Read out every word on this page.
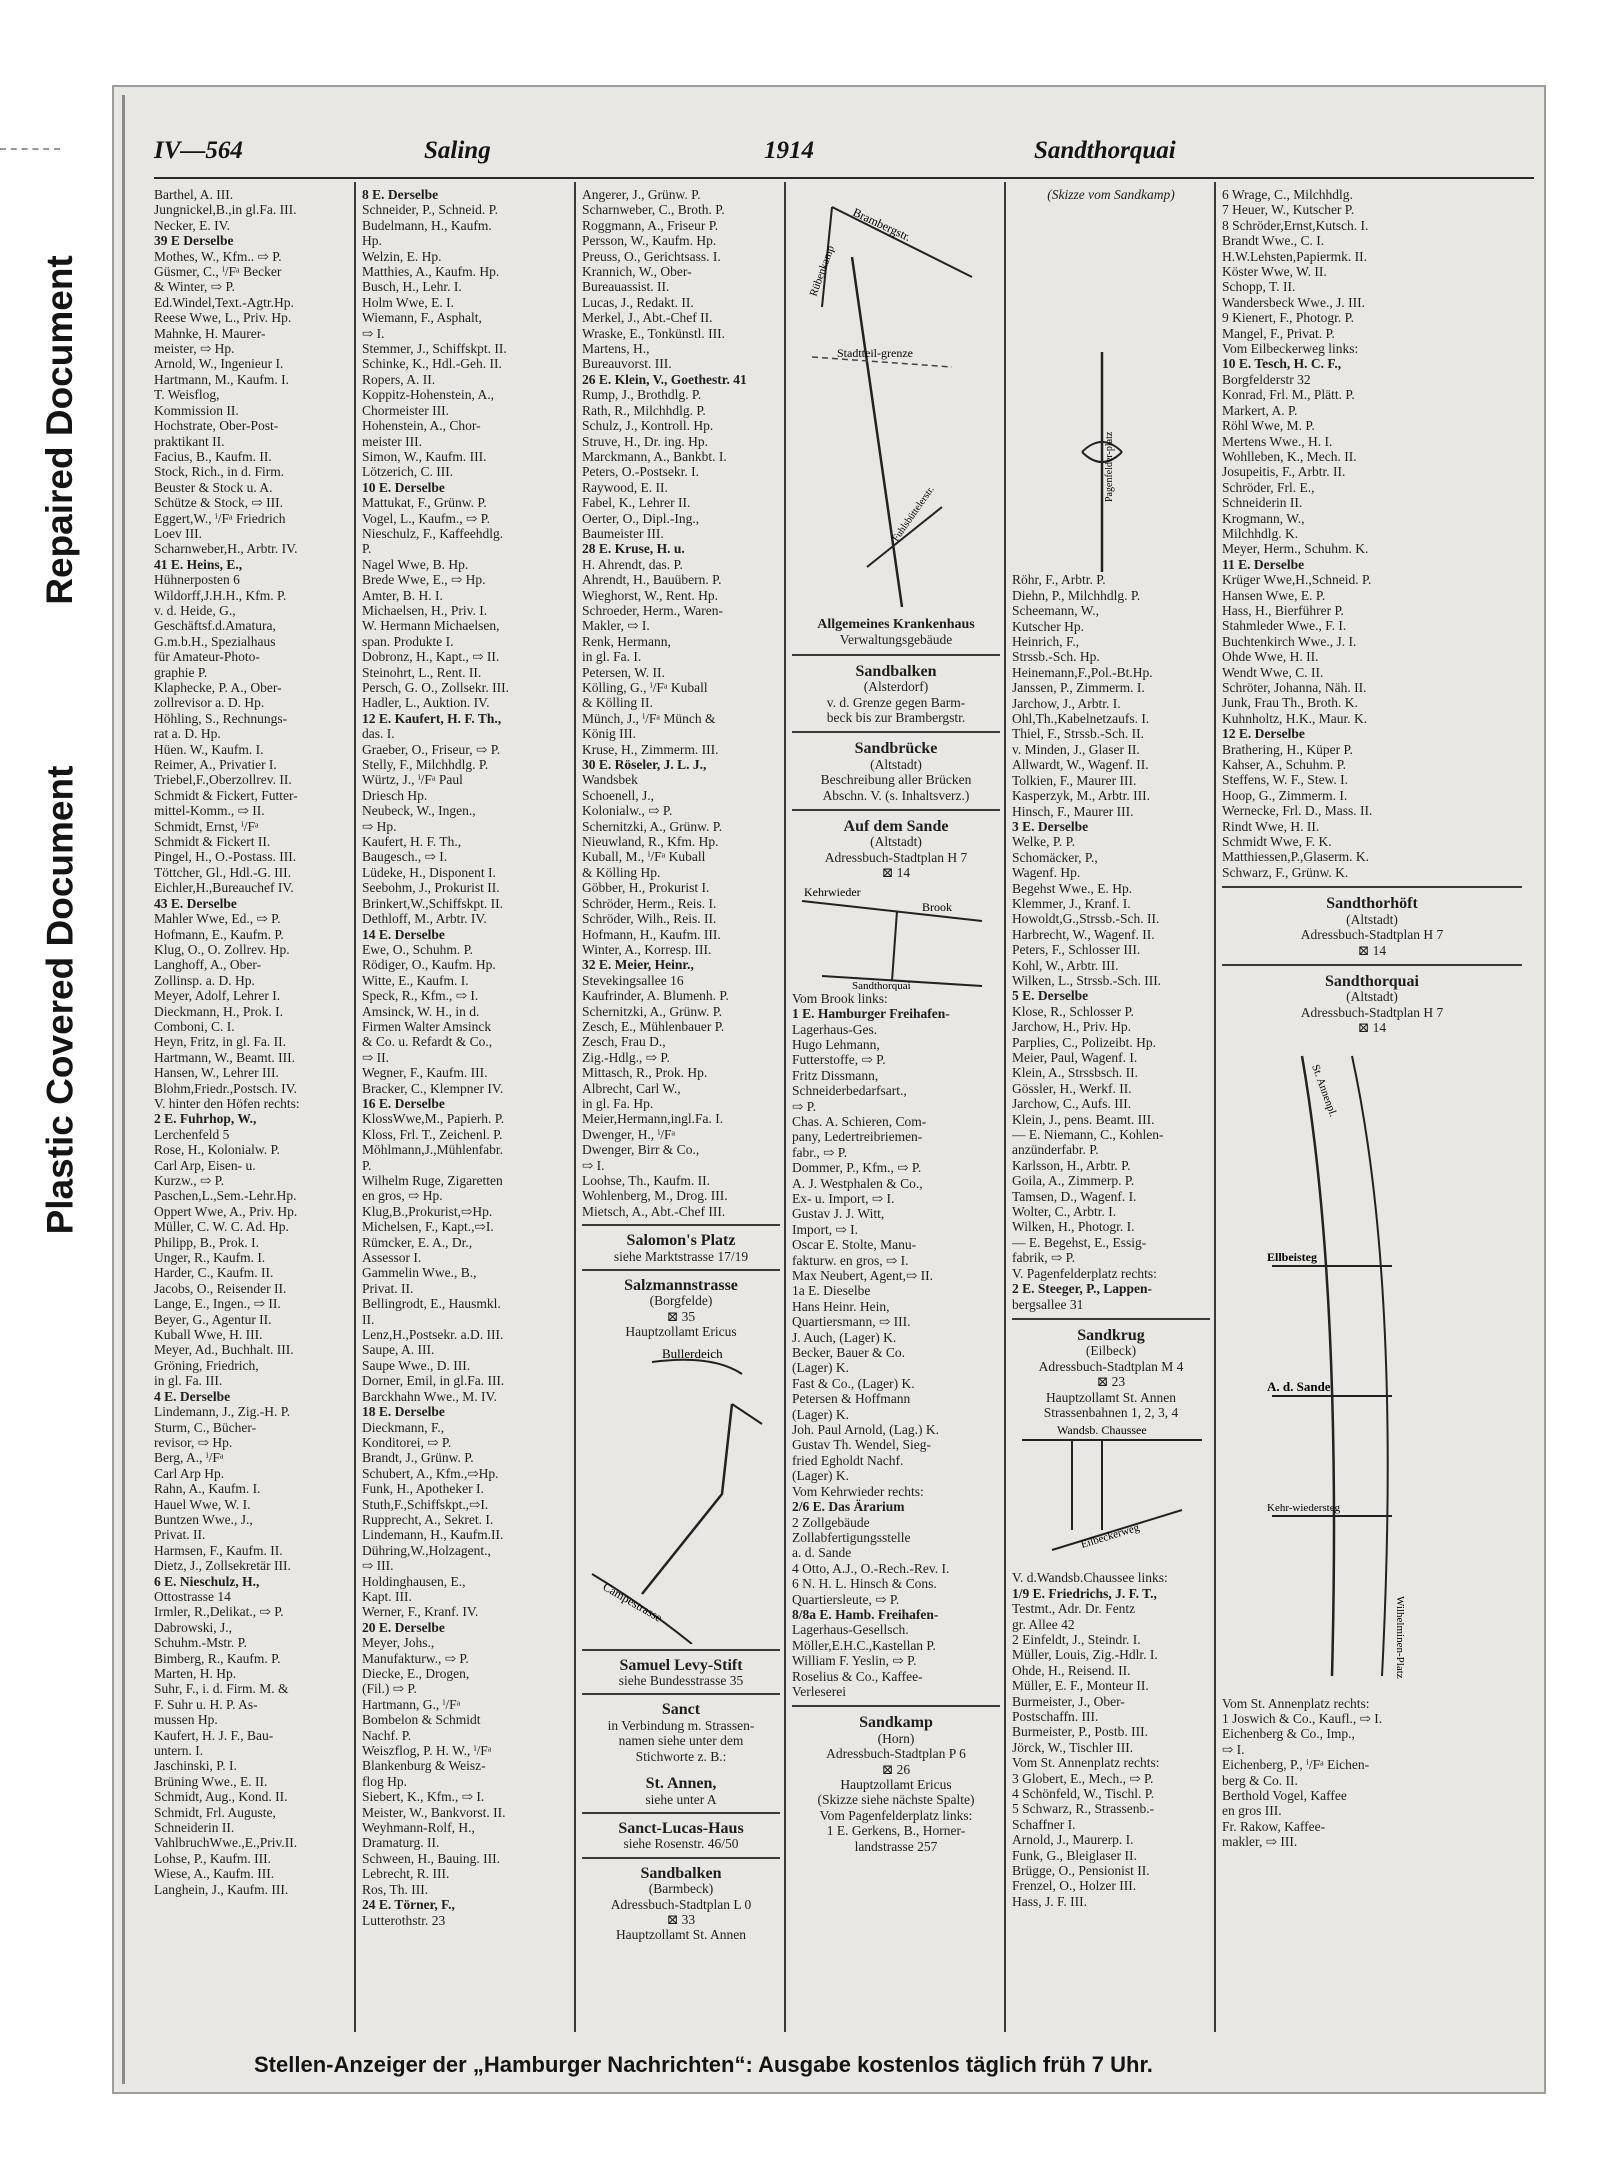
Repaired Document
Plastic Covered Document
IV—564	Saling	1914	Sandthorquai
Barthel, A. III.
Jungnickel,B.,in gl.Fa. III.
Necker, E. IV.
39 E Derselbe
Mothes, W., Kfm.. ⇨ P.
Güsmer, C., ⁱ/Fᵃ Becker
& Winter, ⇨ P.
Ed.Windel,Text.-Agtr.Hp.
Reese Wwe, L., Priv. Hp.
Mahnke, H. Maurer-
meister, ⇨ Hp.
Arnold, W., Ingenieur I.
Hartmann, M., Kaufm. I.
T. Weisflog,
Kommission II.
Hochstrate, Ober-Post-
praktikant II.
Facius, B., Kaufm. II.
Stock, Rich., in d. Firm.
Beuster & Stock u. A.
Schütze & Stock, ⇨ III.
Eggert,W., ⁱ/Fᵃ Friedrich
Loev III.
Scharnweber,H., Arbtr. IV.
41 E. Heins, E.,
Hühnerposten 6
Wildorff,J.H.H., Kfm. P.
v. d. Heide, G.,
Geschäftsf.d.Amatura,
G.m.b.H., Spezialhaus
für Amateur-Photo-
graphie P.
Klaphecke, P. A., Ober-
zollrevisor a. D. Hp.
Höhling, S., Rechnungs-
rat a. D. Hp.
Hüen. W., Kaufm. I.
Reimer, A., Privatier I.
Triebel,F.,Oberzollrev. II.
Schmidt & Fickert, Futter-
mittel-Komm., ⇨ II.
Schmidt, Ernst, ⁱ/Fᵃ
Schmidt & Fickert II.
Pingel, H., O.-Postass. III.
Töttcher, Gl., Hdl.-G. III.
Eichler,H.,Bureauchef IV.
43 E. Derselbe
Mahler Wwe, Ed., ⇨ P.
Hofmann, E., Kaufm. P.
Klug, O., O. Zollrev. Hp.
Langhoff, A., Ober-
Zollinsp. a. D. Hp.
Meyer, Adolf, Lehrer I.
Dieckmann, H., Prok. I.
Comboni, C. I.
Heyn, Fritz, in gl. Fa. II.
Hartmann, W., Beamt. III.
Hansen, W., Lehrer III.
Blohm,Friedr.,Postsch. IV.
V. hinter den Höfen rechts:
2 E. Fuhrhop, W.,
Lerchenfeld 5
Rose, H., Kolonialw. P.
Carl Arp, Eisen- u.
Kurzw., ⇨ P.
Paschen,L.,Sem.-Lehr.Hp.
Oppert Wwe, A., Priv. Hp.
Müller, C. W. C. Ad. Hp.
Philipp, B., Prok. I.
Unger, R., Kaufm. I.
Harder, C., Kaufm. II.
Jacobs, O., Reisender II.
Lange, E., Ingen., ⇨ II.
Beyer, G., Agentur II.
Kuball Wwe, H. III.
Meyer, Ad., Buchhalt. III.
Gröning, Friedrich,
in gl. Fa. III.
4 E. Derselbe
Lindemann, J., Zig.-H. P.
Sturm, C., Bücher-
revisor, ⇨ Hp.
Berg, A., ⁱ/Fᵃ
Carl Arp Hp.
Rahn, A., Kaufm. I.
Hauel Wwe, W. I.
Buntzen Wwe., J.,
Privat. II.
Harmsen, F., Kaufm. II.
Dietz, J., Zollsekretär III.
6 E. Nieschulz, H.,
Ottostrasse 14
Irmler, R.,Delikat., ⇨ P.
Dabrowski, J.,
Schuhm.-Mstr. P.
Bimberg, R., Kaufm. P.
Marten, H. Hp.
Suhr, F., i. d. Firm. M. &
F. Suhr u. H. P. As-
mussen Hp.
Kaufert, H. J. F., Bau-
untern. I.
Jaschinski, P. I.
Brüning Wwe., E. II.
Schmidt, Aug., Kond. II.
Schmidt, Frl. Auguste,
Schneiderin II.
VahlbruchWwe.,E.,Priv.II.
Lohse, P., Kaufm. III.
Wiese, A., Kaufm. III.
Langhein, J., Kaufm. III.
8 E. Derselbe
Schneider, P., Schneid. P.
Budelmann, H., Kaufm.
Hp.
Welzin, E. Hp.
Matthies, A., Kaufm. Hp.
Busch, H., Lehr. I.
Holm Wwe, E. I.
Wiemann, F., Asphalt,
⇨ I.
Stemmer, J., Schiffskpt. II.
Schinke, K., Hdl.-Geh. II.
Ropers, A. II.
Koppitz-Hohenstein, A.,
Chormeister III.
Hohenstein, A., Chor-
meister III.
Simon, W., Kaufm. III.
Lötzerich, C. III.
10 E. Derselbe
Mattukat, F., Grünw. P.
Vogel, L., Kaufm., ⇨ P.
Nieschulz, F., Kaffeehdlg.
P.
Nagel Wwe, B. Hp.
Brede Wwe, E., ⇨ Hp.
Amter, B. H. I.
Michaelsen, H., Priv. I.
W. Hermann Michaelsen,
span. Produkte I.
Dobronz, H., Kapt., ⇨ II.
Steinohrt, L., Rent. II.
Persch, G. O., Zollsekr. III.
Hadler, L., Auktion. IV.
12 E. Kaufert, H. F. Th.,
das. I.
Graeber, O., Friseur, ⇨ P.
Stelly, F., Milchhdlg. P.
Würtz, J., ⁱ/Fᵃ Paul
Driesch Hp.
Neubeck, W., Ingen.,
⇨ Hp.
Kaufert, H. F. Th.,
Baugesch., ⇨ I.
Lüdeke, H., Disponent I.
Seebohm, J., Prokurist II.
Brinkert,W.,Schiffskpt. II.
Dethloff, M., Arbtr. IV.
14 E. Derselbe
Ewe, O., Schuhm. P.
Rödiger, O., Kaufm. Hp.
Witte, E., Kaufm. I.
Speck, R., Kfm., ⇨ I.
Amsinck, W. H., in d.
Firmen Walter Amsinck
& Co. u. Refardt & Co.,
⇨ II.
Wegner, F., Kaufm. III.
Bracker, C., Klempner IV.
16 E. Derselbe
KlossWwe,M., Papierh. P.
Kloss, Frl. T., Zeichenl. P.
Möhlmann,J.,Mühlenfabr.
P.
Wilhelm Ruge, Zigaretten
en gros, ⇨ Hp.
Klug,B.,Prokurist,⇨Hp.
Michelsen, F., Kapt.,⇨I.
Rümcker, E. A., Dr.,
Assessor I.
Gammelin Wwe., B.,
Privat. II.
Bellingrodt, E., Hausmkl.
II.
Lenz,H.,Postsekr. a.D. III.
Saupe, A. III.
Saupe Wwe., D. III.
Dorner, Emil, in gl.Fa. III.
Barckhahn Wwe., M. IV.
18 E. Derselbe
Dieckmann, F.,
Konditorei, ⇨ P.
Brandt, J., Grünw. P.
Schubert, A., Kfm.,⇨Hp.
Funk, H., Apotheker I.
Stuth,F.,Schiffskpt.,⇨I.
Rupprecht, A., Sekret. I.
Lindemann, H., Kaufm.II.
Dühring,W.,Holzagent.,
⇨ III.
Holdinghausen, E.,
Kapt. III.
Werner, F., Kranf. IV.
20 E. Derselbe
Meyer, Johs.,
Manufakturw., ⇨ P.
Diecke, E., Drogen,
(Fil.) ⇨ P.
Hartmann, G., ⁱ/Fᵃ
Bombelon & Schmidt
Nachf. P.
Weiszflog, P. H. W., ⁱ/Fᵃ
Blankenburg & Weisz-
flog Hp.
Siebert, K., Kfm., ⇨ I.
Meister, W., Bankvorst. II.
Weyhmann-Rolf, H.,
Dramaturg. II.
Schween, H., Bauing. III.
Lebrecht, R. III.
Ros, Th. III.
24 E. Törner, F.,
Lutterothstr. 23
Angerer, J., Grünw. P.
Scharnweber, C., Broth. P.
Roggmann, A., Friseur P.
Persson, W., Kaufm. Hp.
Preuss, O., Gerichtsass. I.
Krannich, W., Ober-
Bureauassist. II.
Lucas, J., Redakt. II.
Merkel, J., Abt.-Chef II.
Wraske, E., Tonkünstl. III.
Martens, H.,
Bureauvorst. III.
26 E. Klein, V., Goethestr. 41
Rump, J., Brothdlg. P.
Rath, R., Milchhdlg. P.
Schulz, J., Kontroll. Hp.
Struve, H., Dr. ing. Hp.
Marckmann, A., Bankbt. I.
Peters, O.-Postsekr. I.
Raywood, E. II.
Fabel, K., Lehrer II.
Oerter, O., Dipl.-Ing.,
Baumeister III.
28 E. Kruse, H. u.
H. Ahrendt, das. P.
Ahrendt, H., Bauübern. P.
Wieghorst, W., Rent. Hp.
Schroeder, Herm., Waren-
Makler, ⇨ I.
Renk, Hermann,
in gl. Fa. I.
Petersen, W. II.
Kölling, G., ⁱ/Fᵃ Kuball
& Kölling II.
Münch, J., ⁱ/Fᵃ Münch &
König III.
Kruse, H., Zimmerm. III.
30 E. Röseler, J. L. J.,
Wandsbek
Schoenell, J.,
Kolonialw., ⇨ P.
Schernitzki, A., Grünw. P.
Nieuwland, R., Kfm. Hp.
Kuball, M., ⁱ/Fᵃ Kuball
& Kölling Hp.
Göbber, H., Prokurist I.
Schröder, Herm., Reis. I.
Schröder, Wilh., Reis. II.
Hofmann, H., Kaufm. III.
Winter, A., Korresp. III.
32 E. Meier, Heinr.,
Stevekingsallee 16
Kaufrinder, A. Blumenh. P.
Schernitzki, A., Grünw. P.
Zesch, E., Mühlenbauer P.
Zesch, Frau D.,
Zig.-Hdlg., ⇨ P.
Mittasch, R., Prok. Hp.
Albrecht, Carl W.,
in gl. Fa. Hp.
Meier,Hermann,ingl.Fa. I.
Dwenger, H., ⁱ/Fᵃ
Dwenger, Birr & Co.,
⇨ I.
Loohse, Th., Kaufm. II.
Wohlenberg, M., Drog. III.
Mietsch, A., Abt.-Chef III.
Salomon's Platz
siehe Marktstrasse 17/19
Salzmannstrasse
(Borgfelde)
⊠ 35
Hauptzollamt Ericus
Bullerdeich
Campestrasse
Samuel Levy-Stift
siehe Bundesstrasse 35
Sanct
in Verbindung m. Strassen-
namen siehe unter dem
Stichworte z. B.:
St. Annen,
siehe unter A
Sanct-Lucas-Haus
siehe Rosenstr. 46/50
Sandbalken
(Barmbeck)
Adressbuch-Stadtplan L 0
⊠ 33
Hauptzollamt St. Annen
Brambergstr.
Rübenkamp
Stadtteil-grenze
Fuhlsbüttelerstr.
Allgemeines Krankenhaus
Verwaltungsgebäude
Sandbalken
(Alsterdorf)
v. d. Grenze gegen Barm-
beck bis zur Brambergstr.
Sandbrücke
(Altstadt)
Beschreibung aller Brücken
Abschn. V. (s. Inhaltsverz.)
Auf dem Sande
(Altstadt)
Adressbuch-Stadtplan H 7
⊠ 14
Kehrwieder
Brook
Sandthorquai
Vom Brook links:
1 E. Hamburger Freihafen-
Lagerhaus-Ges.
Hugo Lehmann,
Futterstoffe, ⇨ P.
Fritz Dissmann,
Schneiderbedarfsart.,
⇨ P.
Chas. A. Schieren, Com-
pany, Ledertreibriemen-
fabr., ⇨ P.
Dommer, P., Kfm., ⇨ P.
A. J. Westphalen & Co.,
Ex- u. Import, ⇨ I.
Gustav J. J. Witt,
Import, ⇨ I.
Oscar E. Stolte, Manu-
fakturw. en gros, ⇨ I.
Max Neubert, Agent,⇨ II.
1a E. Dieselbe
Hans Heinr. Hein,
Quartiersmann, ⇨ III.
J. Auch, (Lager) K.
Becker, Bauer & Co.
(Lager) K.
Fast & Co., (Lager) K.
Petersen & Hoffmann
(Lager) K.
Joh. Paul Arnold, (Lag.) K.
Gustav Th. Wendel, Sieg-
fried Egholdt Nachf.
(Lager) K.
Vom Kehrwieder rechts:
2/6 E. Das Ärarium
2 Zollgebäude
Zollabfertigungsstelle
a. d. Sande
4 Otto, A.J., O.-Rech.-Rev. I.
6 N. H. L. Hinsch & Cons.
Quartiersleute, ⇨ P.
8/8a E. Hamb. Freihafen-
Lagerhaus-Gesellsch.
Möller,E.H.C.,Kastellan P.
William F. Yeslin, ⇨ P.
Roselius & Co., Kaffee-
Verleserei
Sandkamp
(Horn)
Adressbuch-Stadtplan P 6
⊠ 26
Hauptzollamt Ericus
(Skizze siehe nächste Spalte)
Vom Pagenfelderplatz links:
1 E. Gerkens, B., Horner-
landstrasse 257
(Skizze vom Sandkamp)
Pagenfelder-platz
Röhr, F., Arbtr. P.
Diehn, P., Milchhdlg. P.
Scheemann, W.,
Kutscher Hp.
Heinrich, F.,
Strssb.-Sch. Hp.
Heinemann,F.,Pol.-Bt.Hp.
Janssen, P., Zimmerm. I.
Jarchow, J., Arbtr. I.
Ohl,Th.,Kabelnetzaufs. I.
Thiel, F., Strssb.-Sch. II.
v. Minden, J., Glaser II.
Allwardt, W., Wagenf. II.
Tolkien, F., Maurer III.
Kasperzyk, M., Arbtr. III.
Hinsch, F., Maurer III.
3 E. Derselbe
Welke, P. P.
Schomäcker, P.,
Wagenf. Hp.
Begehst Wwe., E. Hp.
Klemmer, J., Kranf. I.
Howoldt,G.,Strssb.-Sch. II.
Harbrecht, W., Wagenf. II.
Peters, F., Schlosser III.
Kohl, W., Arbtr. III.
Wilken, L., Strssb.-Sch. III.
5 E. Derselbe
Klose, R., Schlosser P.
Jarchow, H., Priv. Hp.
Parplies, C., Polizeibt. Hp.
Meier, Paul, Wagenf. I.
Klein, A., Strssbsch. II.
Gössler, H., Werkf. II.
Jarchow, C., Aufs. III.
Klein, J., pens. Beamt. III.
— E. Niemann, C., Kohlen-
anzünderfabr. P.
Karlsson, H., Arbtr. P.
Goila, A., Zimmerp. P.
Tamsen, D., Wagenf. I.
Wolter, C., Arbtr. I.
Wilken, H., Photogr. I.
— E. Begehst, E., Essig-
fabrik, ⇨ P.
V. Pagenfelderplatz rechts:
2 E. Steeger, P., Lappen-
bergsallee 31
Sandkrug
(Eilbeck)
Adressbuch-Stadtplan M 4
⊠ 23
Hauptzollamt St. Annen
Strassenbahnen 1, 2, 3, 4
Wandsb. Chaussee
Eilbeckerweg
V. d.Wandsb.Chaussee links:
1/9 E. Friedrichs, J. F. T.,
Testmt., Adr. Dr. Fentz
gr. Allee 42
2 Einfeldt, J., Steindr. I.
Müller, Louis, Zig.-Hdlr. I.
Ohde, H., Reisend. II.
Müller, E. F., Monteur II.
Burmeister, J., Ober-
Postschaffn. III.
Burmeister, P., Postb. III.
Jörck, W., Tischler III.
Vom St. Annenplatz rechts:
3 Globert, E., Mech., ⇨ P.
4 Schönfeld, W., Tischl. P.
5 Schwarz, R., Strassenb.-
Schaffner I.
Arnold, J., Maurerp. I.
Funk, G., Bleiglaser II.
Brügge, O., Pensionist II.
Frenzel, O., Holzer III.
Hass, J. F. III.
6 Wrage, C., Milchhdlg.
7 Heuer, W., Kutscher P.
8 Schröder,Ernst,Kutsch. I.
Brandt Wwe., C. I.
H.W.Lehsten,Papiermk. II.
Köster Wwe, W. II.
Schopp, T. II.
Wandersbeck Wwe., J. III.
9 Kienert, F., Photogr. P.
Mangel, F., Privat. P.
Vom Eilbeckerweg links:
10 E. Tesch, H. C. F.,
Borgfelderstr 32
Konrad, Frl. M., Plätt. P.
Markert, A. P.
Röhl Wwe, M. P.
Mertens Wwe., H. I.
Wohlleben, K., Mech. II.
Josupeitis, F., Arbtr. II.
Schröder, Frl. E.,
Schneiderin II.
Krogmann, W.,
Milchhdlg. K.
Meyer, Herm., Schuhm. K.
11 E. Derselbe
Krüger Wwe,H.,Schneid. P.
Hansen Wwe, E. P.
Hass, H., Bierführer P.
Stahmleder Wwe., F. I.
Buchtenkirch Wwe., J. I.
Ohde Wwe, H. II.
Wendt Wwe, C. II.
Schröter, Johanna, Näh. II.
Junk, Frau Th., Broth. K.
Kuhnholtz, H.K., Maur. K.
12 E. Derselbe
Brathering, H., Küper P.
Kahser, A., Schuhm. P.
Steffens, W. F., Stew. I.
Hoop, G., Zimmerm. I.
Wernecke, Frl. D., Mass. II.
Rindt Wwe, H. II.
Schmidt Wwe, F. K.
Matthiessen,P.,Glaserm. K.
Schwarz, F., Grünw. K.
Sandthorhöft
(Altstadt)
Adressbuch-Stadtplan H 7
⊠ 14
Sandthorquai
(Altstadt)
Adressbuch-Stadtplan H 7
⊠ 14
St. Annenpl.
Ellbeisteg
A. d. Sande
Kehr-wiedersteg
Wilhelminen-Platz
Vom St. Annenplatz rechts:
1 Joswich & Co., Kaufl., ⇨ I.
Eichenberg & Co., Imp.,
⇨ I.
Eichenberg, P., ⁱ/Fᵃ Eichen-
berg & Co. II.
Berthold Vogel, Kaffee
en gros III.
Fr. Rakow, Kaffee-
makler, ⇨ III.
Stellen-Anzeiger der „Hamburger Nachrichten“: Ausgabe kostenlos täglich früh 7 Uhr.
